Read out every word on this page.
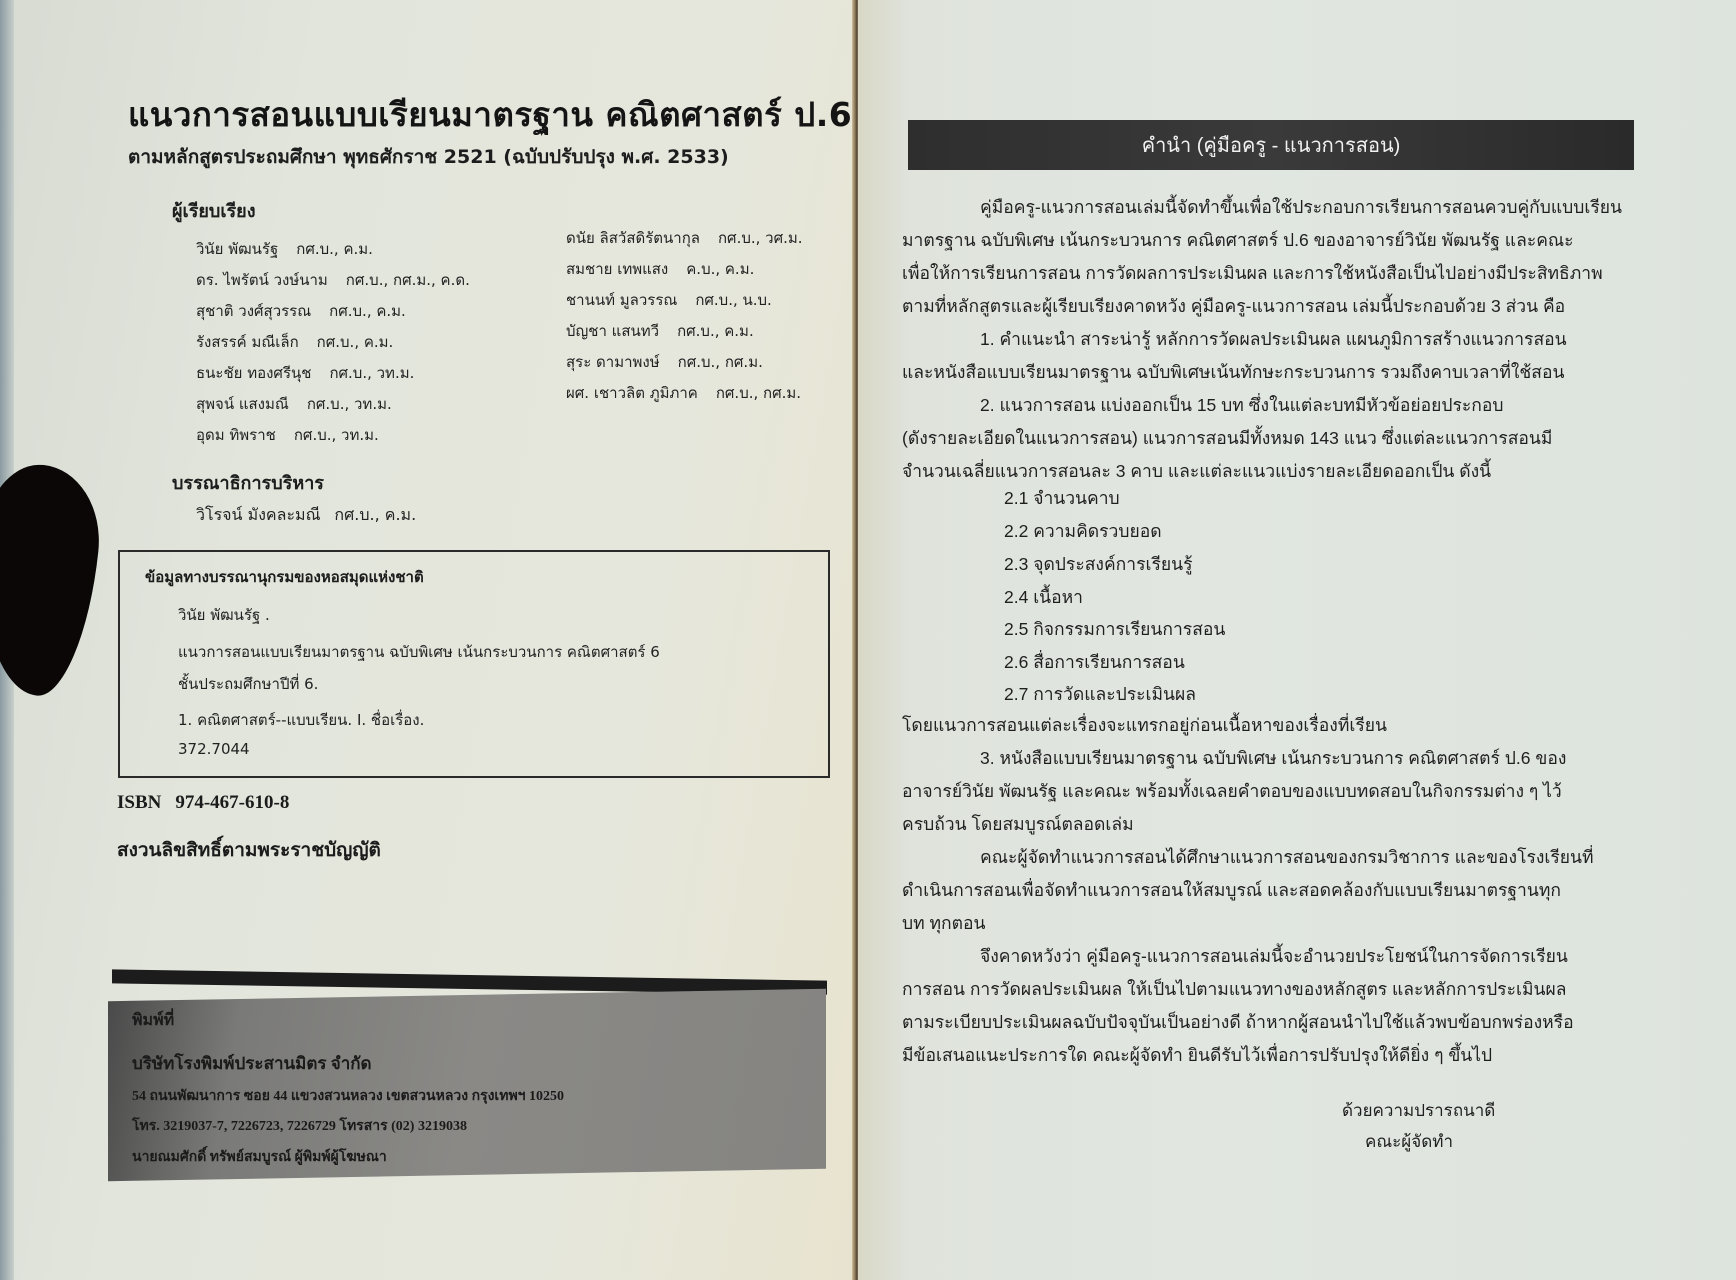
แนวการสอนแบบเรียนมาตรฐาน คณิตศาสตร์ ป.6
ตามหลักสูตรประถมศึกษา พุทธศักราช 2521 (ฉบับปรับปรุง พ.ศ. 2533)
ผู้เรียบเรียง
วินัย พัฒนรัฐ กศ.บ., ค.ม.
ดร. ไพรัตน์ วงษ์นาม กศ.บ., กศ.ม., ค.ด.
สุชาติ วงศ์สุวรรณ กศ.บ., ค.ม.
รังสรรค์ มณีเล็ก กศ.บ., ค.ม.
ธนะชัย ทองศรีนุช กศ.บ., วท.ม.
สุพจน์ แสงมณี กศ.บ., วท.ม.
อุดม ทิพราช กศ.บ., วท.ม.
ดนัย ลิสวัสดิรัตนากุล กศ.บ., วศ.ม.
สมชาย เทพแสง ค.บ., ค.ม.
ชานนท์ มูลวรรณ กศ.บ., น.บ.
บัญชา แสนทวี กศ.บ., ค.ม.
สุระ ดามาพงษ์ กศ.บ., กศ.ม.
ผศ. เชาวลิต ภูมิภาค กศ.บ., กศ.ม.
บรรณาธิการบริหาร
วิโรจน์ มังคละมณี กศ.บ., ค.ม.
ข้อมูลทางบรรณานุกรมของหอสมุดแห่งชาติ
วินัย พัฒนรัฐ .
แนวการสอนแบบเรียนมาตรฐาน ฉบับพิเศษ เน้นกระบวนการ คณิตศาสตร์ 6
ชั้นประถมศึกษาปีที่ 6.
1. คณิตศาสตร์--แบบเรียน. I. ชื่อเรื่อง.
372.7044
ISBN 974-467-610-8
สงวนลิขสิทธิ์ตามพระราชบัญญัติ
พิมพ์ที่
บริษัทโรงพิมพ์ประสานมิตร จำกัด
54 ถนนพัฒนาการ ซอย 44 แขวงสวนหลวง เขตสวนหลวง กรุงเทพฯ 10250
โทร. 3219037-7, 7226723, 7226729 โทรสาร (02) 3219038
นายณมศักดิ์ ทรัพย์สมบูรณ์ ผู้พิมพ์ผู้โฆษณา
คำนำ (คู่มือครู - แนวการสอน)
คู่มือครู-แนวการสอนเล่มนี้จัดทำขึ้นเพื่อใช้ประกอบการเรียนการสอนควบคู่กับแบบเรียน
มาตรฐาน ฉบับพิเศษ เน้นกระบวนการ คณิตศาสตร์ ป.6 ของอาจารย์วินัย พัฒนรัฐ และคณะ
เพื่อให้การเรียนการสอน การวัดผลการประเมินผล และการใช้หนังสือเป็นไปอย่างมีประสิทธิภาพ
ตามที่หลักสูตรและผู้เรียบเรียงคาดหวัง คู่มือครู-แนวการสอน เล่มนี้ประกอบด้วย 3 ส่วน คือ
1. คำแนะนำ สาระน่ารู้ หลักการวัดผลประเมินผล แผนภูมิการสร้างแนวการสอน
และหนังสือแบบเรียนมาตรฐาน ฉบับพิเศษเน้นทักษะกระบวนการ รวมถึงคาบเวลาที่ใช้สอน
2. แนวการสอน แบ่งออกเป็น 15 บท ซึ่งในแต่ละบทมีหัวข้อย่อยประกอบ
(ดังรายละเอียดในแนวการสอน) แนวการสอนมีทั้งหมด 143 แนว ซึ่งแต่ละแนวการสอนมี
จำนวนเฉลี่ยแนวการสอนละ 3 คาบ และแต่ละแนวแบ่งรายละเอียดออกเป็น ดังนี้
2.1 จำนวนคาบ
2.2 ความคิดรวบยอด
2.3 จุดประสงค์การเรียนรู้
2.4 เนื้อหา
2.5 กิจกรรมการเรียนการสอน
2.6 สื่อการเรียนการสอน
2.7 การวัดและประเมินผล
โดยแนวการสอนแต่ละเรื่องจะแทรกอยู่ก่อนเนื้อหาของเรื่องที่เรียน
3. หนังสือแบบเรียนมาตรฐาน ฉบับพิเศษ เน้นกระบวนการ คณิตศาสตร์ ป.6 ของ
อาจารย์วินัย พัฒนรัฐ และคณะ พร้อมทั้งเฉลยคำตอบของแบบทดสอบในกิจกรรมต่าง ๆ ไว้
ครบถ้วน โดยสมบูรณ์ตลอดเล่ม
คณะผู้จัดทำแนวการสอนได้ศึกษาแนวการสอนของกรมวิชาการ และของโรงเรียนที่
ดำเนินการสอนเพื่อจัดทำแนวการสอนให้สมบูรณ์ และสอดคล้องกับแบบเรียนมาตรฐานทุก
บท ทุกตอน
จึงคาดหวังว่า คู่มือครู-แนวการสอนเล่มนี้จะอำนวยประโยชน์ในการจัดการเรียน
การสอน การวัดผลประเมินผล ให้เป็นไปตามแนวทางของหลักสูตร และหลักการประเมินผล
ตามระเบียบประเมินผลฉบับปัจจุบันเป็นอย่างดี ถ้าหากผู้สอนนำไปใช้แล้วพบข้อบกพร่องหรือ
มีข้อเสนอแนะประการใด คณะผู้จัดทำ ยินดีรับไว้เพื่อการปรับปรุงให้ดียิ่ง ๆ ขึ้นไป
ด้วยความปรารถนาดี
คณะผู้จัดทำ
